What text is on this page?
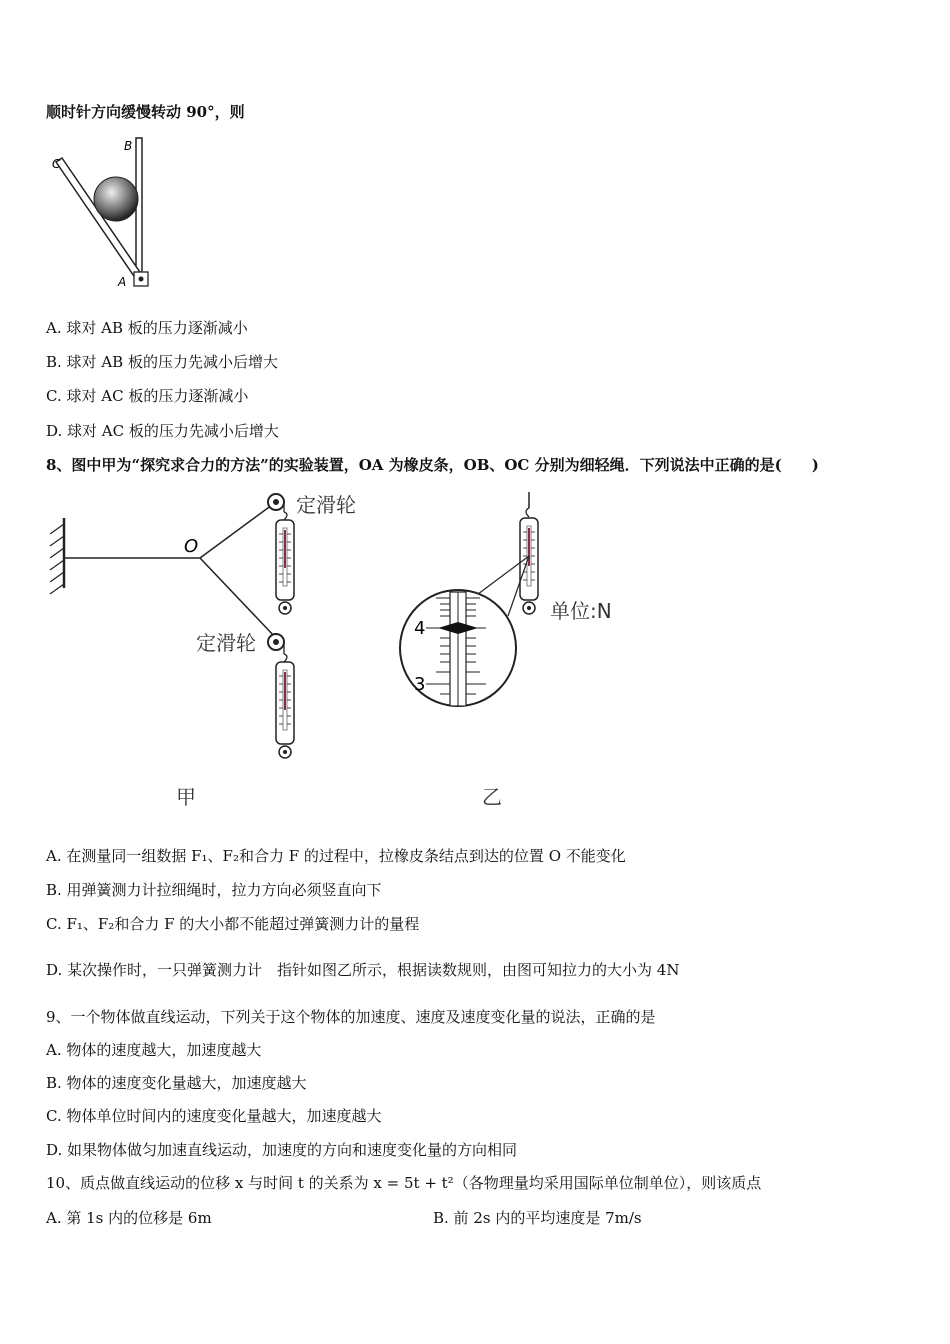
顺时针方向缓慢转动 90°，则
C
B
A
A. 球对 AB 板的压力逐渐减小
B. 球对 AB 板的压力先减小后增大
C. 球对 AC 板的压力逐渐减小
D. 球对 AC 板的压力先减小后增大
8、图中甲为“探究求合力的方法”的实验装置，OA 为橡皮条，OB、OC 分别为细轻绳．下列说法中正确的是(　　)
O
定滑轮
定滑轮
单位:N
4
3
甲	乙
A. 在测量同一组数据 F₁、F₂和合力 F 的过程中，拉橡皮条结点到达的位置 O 不能变化
B. 用弹簧测力计拉细绳时，拉力方向必须竖直向下
C. F₁、F₂和合力 F 的大小都不能超过弹簧测力计的量程
D. 某次操作时，一只弹簧测力计　指针如图乙所示，根据读数规则，由图可知拉力的大小为 4N
9、一个物体做直线运动，下列关于这个物体的加速度、速度及速度变化量的说法，正确的是
A. 物体的速度越大，加速度越大
B. 物体的速度变化量越大，加速度越大
C. 物体单位时间内的速度变化量越大，加速度越大
D. 如果物体做匀加速直线运动，加速度的方向和速度变化量的方向相同
10、质点做直线运动的位移 x 与时间 t 的关系为 x = 5t + t²（各物理量均采用国际单位制单位），则该质点
A. 第 1s 内的位移是 6m	B. 前 2s 内的平均速度是 7m/s
